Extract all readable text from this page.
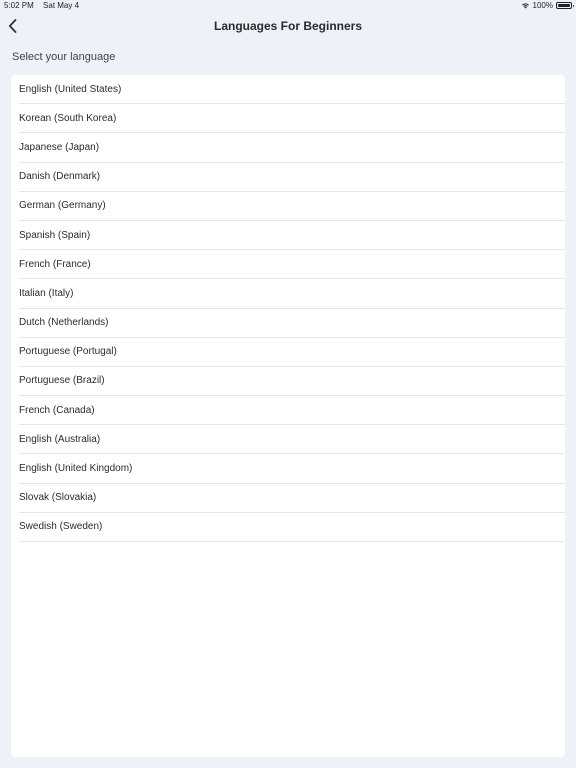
5:02 PM Sat May 4	100%
Languages For Beginners
Select your language
English (United States)
Korean (South Korea)
Japanese (Japan)
Danish (Denmark)
German (Germany)
Spanish (Spain)
French (France)
Italian (Italy)
Dutch (Netherlands)
Portuguese (Portugal)
Portuguese (Brazil)
French (Canada)
English (Australia)
English (United Kingdom)
Slovak (Slovakia)
Swedish (Sweden)
